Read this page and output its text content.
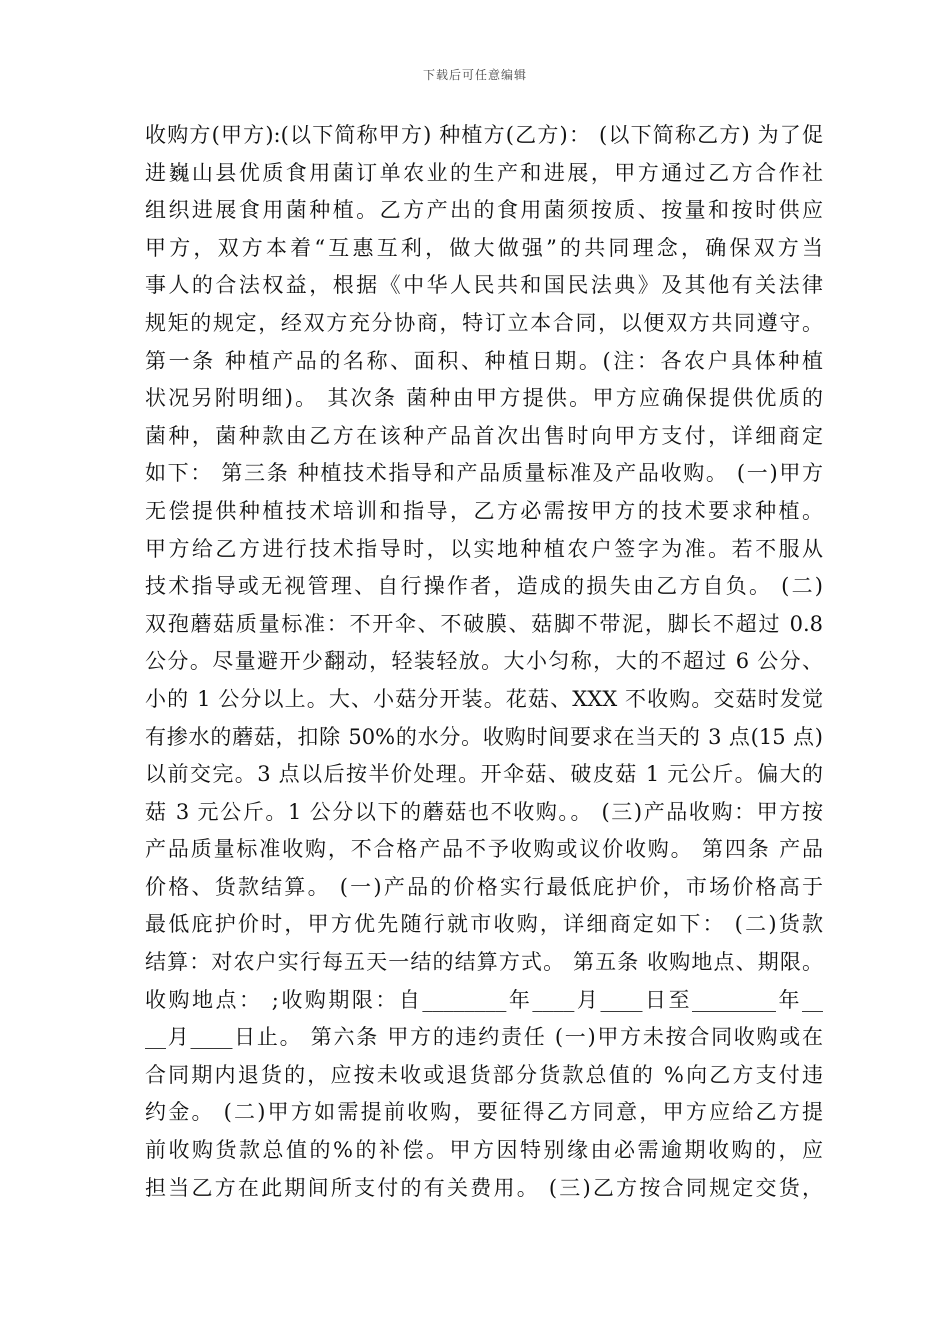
下载后可任意编辑
收购方(甲方):(以下简称甲方) 种植方(乙方)： (以下简称乙方) 为了促
进巍山县优质食用菌订单农业的生产和进展，甲方通过乙方合作社
组织进展食用菌种植。乙方产出的食用菌须按质、按量和按时供应
甲方，双方本着“互惠互利，做大做强”的共同理念，确保双方当
事人的合法权益，根据《中华人民共和国民法典》及其他有关法律
规矩的规定，经双方充分协商，特订立本合同，以便双方共同遵守。
第一条 种植产品的名称、面积、种植日期。(注：各农户具体种植
状况另附明细)。 其次条 菌种由甲方提供。甲方应确保提供优质的
菌种，菌种款由乙方在该种产品首次出售时向甲方支付，详细商定
如下： 第三条 种植技术指导和产品质量标准及产品收购。 (一)甲方
无偿提供种植技术培训和指导，乙方必需按甲方的技术要求种植。
甲方给乙方进行技术指导时，以实地种植农户签字为准。若不服从
技术指导或无视管理、自行操作者，造成的损失由乙方自负。 (二)
双孢蘑菇质量标准：不开伞、不破膜、菇脚不带泥，脚长不超过 0.8
公分。尽量避开少翻动，轻装轻放。大小匀称，大的不超过 6 公分、
小的 1 公分以上。大、小菇分开装。花菇、XXX 不收购。交菇时发觉
有掺水的蘑菇，扣除 50%的水分。收购时间要求在当天的 3 点(15 点)
以前交完。3 点以后按半价处理。开伞菇、破皮菇 1 元公斤。偏大的
菇 3 元公斤。1 公分以下的蘑菇也不收购。。 (三)产品收购：甲方按
产品质量标准收购，不合格产品不予收购或议价收购。 第四条 产品
价格、货款结算。 (一)产品的价格实行最低庇护价，市场价格高于
最低庇护价时，甲方优先随行就市收购，详细商定如下： (二)货款
结算：对农户实行每五天一结的结算方式。 第五条 收购地点、期限。
收购地点： ;收购期限：自________年____月____日至________年__
__月____日止。 第六条 甲方的违约责任 (一)甲方未按合同收购或在
合同期内退货的，应按未收或退货部分货款总值的 %向乙方支付违
约金。 (二)甲方如需提前收购，要征得乙方同意，甲方应给乙方提
前收购货款总值的%的补偿。甲方因特别缘由必需逾期收购的，应
担当乙方在此期间所支付的有关费用。 (三)乙方按合同规定交货，
